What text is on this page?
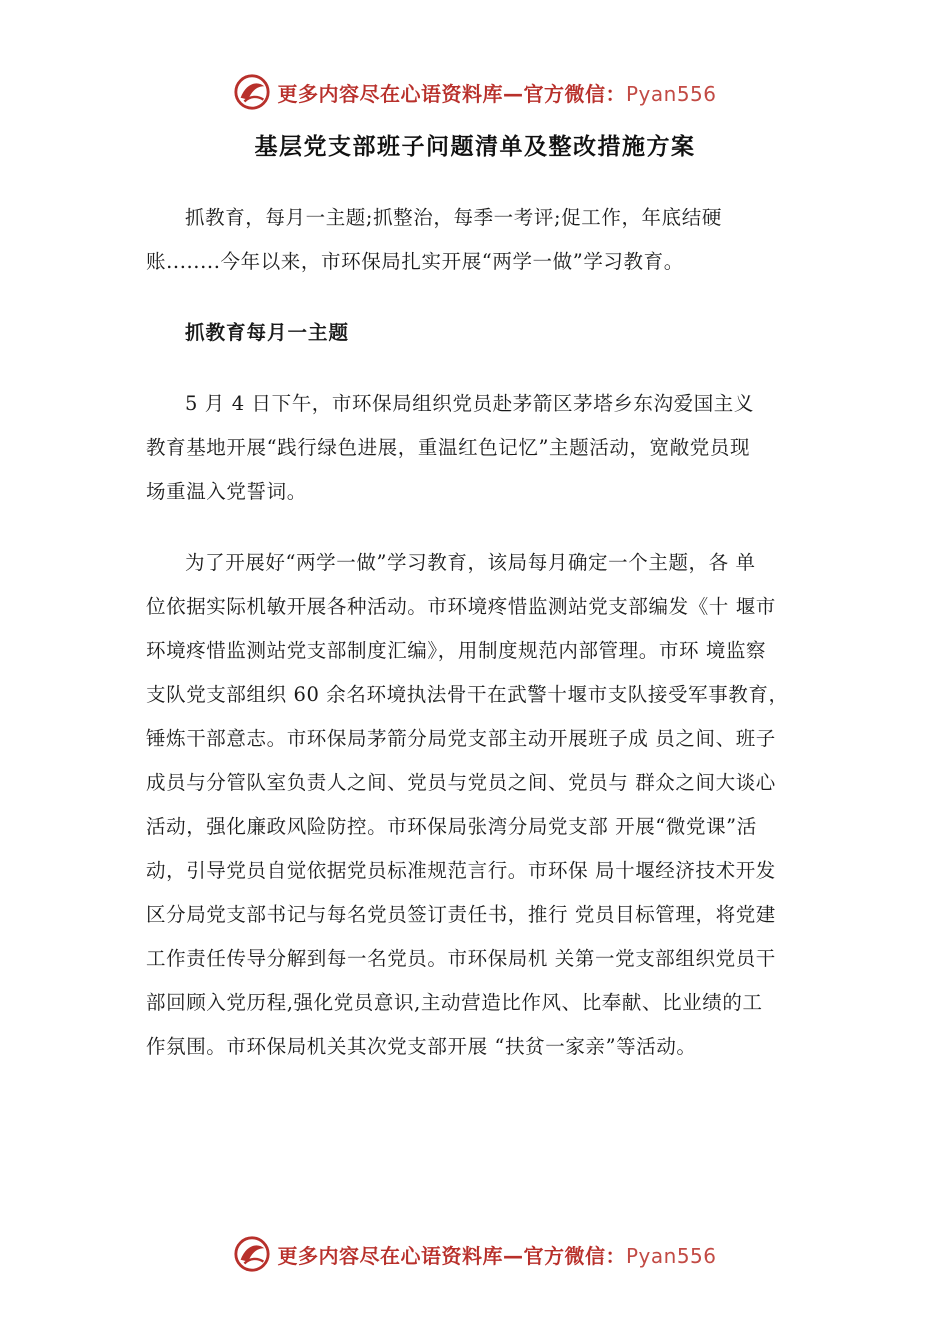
更多内容尽在心语资料库—官方微信：Pyan556
基层党支部班子问题清单及整改措施方案
抓教育，每月一主题;抓整治，每季一考评;促工作，年底结硬
账........今年以来，市环保局扎实开展“两学一做”学习教育。
抓教育每月一主题
5 月 4 日下午，市环保局组织党员赴茅箭区茅塔乡东沟爱国主义
教育基地开展“践行绿色进展，重温红色记忆”主题活动，宽敞党员现
场重温入党誓词。
为了开展好“两学一做”学习教育，该局每月确定一个主题，各 单
位依据实际机敏开展各种活动。市环境疼惜监测站党支部编发《十 堰市
环境疼惜监测站党支部制度汇编》，用制度规范内部管理。市环 境监察
支队党支部组织 60 余名环境执法骨干在武警十堰市支队接受军事教育，
锤炼干部意志。市环保局茅箭分局党支部主动开展班子成 员之间、班子
成员与分管队室负责人之间、党员与党员之间、党员与 群众之间大谈心
活动，强化廉政风险防控。市环保局张湾分局党支部 开展“微党课”活
动，引导党员自觉依据党员标准规范言行。市环保 局十堰经济技术开发
区分局党支部书记与每名党员签订责任书，推行 党员目标管理，将党建
工作责任传导分解到每一名党员。市环保局机 关第一党支部组织党员干
部回顾入党历程,强化党员意识,主动营造比作风、比奉献、比业绩的工
作氛围。市环保局机关其次党支部开展 “扶贫一家亲”等活动。
更多内容尽在心语资料库—官方微信：Pyan556
